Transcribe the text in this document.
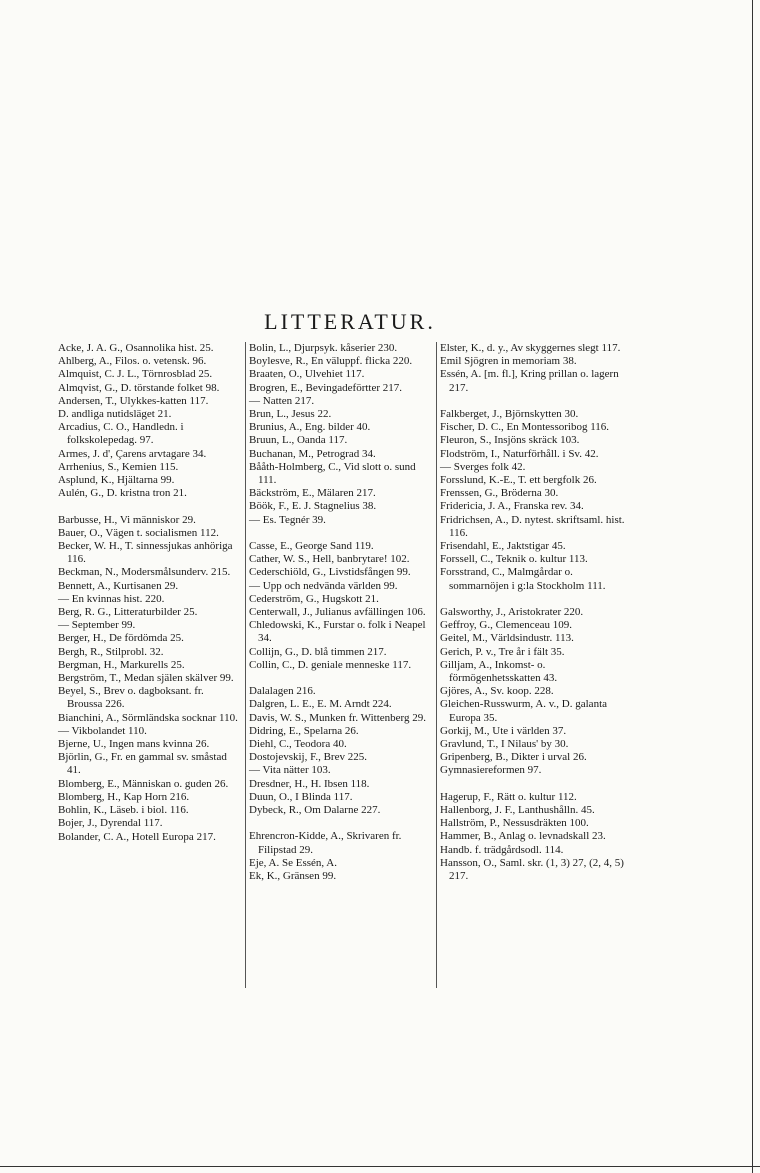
LITTERATUR.

Acke, J. A. G., Osannolika hist. 25.

Ahlberg, A., Filos. o. vetensk. 96.

Almquist, C. J. L., Törnrosblad 25.

Almqvist, G., D. törstande folket 98.

Andersen, T., Ulykkes-katten 117.

D. andliga nutidsläget 21.

Arcadius, C. O., Handledn. i folkskolepedag. 97.

Armes, J. d', Çarens arvtagare 34.

Arrhenius, S., Kemien 115.

Asplund, K., Hjältarna 99.

Aulén, G., D. kristna tron 21.

Barbusse, H., Vi människor 29.

Bauer, O., Vägen t. socialismen 112.

Becker, W. H., T. sinnessjukas anhöriga 116.

Beckman, N., Modersmålsunderv. 215.

Bennett, A., Kurtisanen 29.

— En kvinnas hist. 220.

Berg, R. G., Litteraturbilder 25.

— September 99.

Berger, H., De fördömda 25.

Bergh, R., Stilprobl. 32.

Bergman, H., Markurells 25.

Bergström, T., Medan själen skälver 99.

Beyel, S., Brev o. dagboksant. fr. Broussa 226.

Bianchini, A., Sörmländska socknar 110.

— Vikbolandet 110.

Bjerne, U., Ingen mans kvinna 26.

Björlin, G., Fr. en gammal sv. småstad 41.

Blomberg, E., Människan o. guden 26.

Blomberg, H., Kap Horn 216.

Bohlin, K., Läseb. i biol. 116.

Bojer, J., Dyrendal 117.

Bolander, C. A., Hotell Europa 217.

Bolin, L., Djurpsyk. kåserier 230.

Boylesve, R., En väluppf. flicka 220.

Braaten, O., Ulvehiet 117.

Brogren, E., Bevingadeförtter 217.

— Natten 217.

Brun, L., Jesus 22.

Brunius, A., Eng. bilder 40.

Bruun, L., Oanda 117.

Buchanan, M., Petrograd 34.

Bååth-Holmberg, C., Vid slott o. sund 111.

Bäckström, E., Mälaren 217.

Böök, F., E. J. Stagnelius 38.

— Es. Tegnér 39.

Casse, E., George Sand 119.

Cather, W. S., Hell, banbrytare! 102.

Cederschiöld, G., Livstidsfången 99.

— Upp och nedvända världen 99.

Cederström, G., Hugskott 21.

Centerwall, J., Julianus avfällingen 106.

Chledowski, K., Furstar o. folk i Neapel 34.

Collijn, G., D. blå timmen 217.

Collin, C., D. geniale menneske 117.

Dalalagen 216.

Dalgren, L. E., E. M. Arndt 224.

Davis, W. S., Munken fr. Wittenberg 29.

Didring, E., Spelarna 26.

Diehl, C., Teodora 40.

Dostojevskij, F., Brev 225.

— Vita nätter 103.

Dresdner, H., H. Ibsen 118.

Duun, O., I Blinda 117.

Dybeck, R., Om Dalarne 227.

Ehrencron-Kidde, A., Skrivaren fr. Filipstad 29.

Eje, A. Se Essén, A.

Ek, K., Gränsen 99.

Elster, K., d. y., Av skyggernes slegt 117.

Emil Sjögren in memoriam 38.

Essén, A. [m. fl.], Kring prillan o. lagern 217.

Falkberget, J., Björnskytten 30.

Fischer, D. C., En Montessoribog 116.

Fleuron, S., Insjöns skräck 103.

Flodström, I., Naturförhåll. i Sv. 42.

— Sverges folk 42.

Forsslund, K.-E., T. ett bergfolk 26.

Frenssen, G., Bröderna 30.

Fridericia, J. A., Franska rev. 34.

Fridrichsen, A., D. nytest. skriftsaml. hist. 116.

Frisendahl, E., Jaktstigar 45.

Forssell, C., Teknik o. kultur 113.

Forsstrand, C., Malmgårdar o. sommarnöjen i g:la Stockholm 111.

Galsworthy, J., Aristokrater 220.

Geffroy, G., Clemenceau 109.

Geitel, M., Världsindustr. 113.

Gerich, P. v., Tre år i fält 35.

Gilljam, A., Inkomst- o. förmögenhetsskatten 43.

Gjöres, A., Sv. koop. 228.

Gleichen-Russwurm, A. v., D. galanta Europa 35.

Gorkij, M., Ute i världen 37.

Gravlund, T., I Nilaus' by 30.

Gripenberg, B., Dikter i urval 26.

Gymnasiereformen 97.

Hagerup, F., Rätt o. kultur 112.

Hallenborg, J. F., Lanthushålln. 45.

Hallström, P., Nessusdräkten 100.

Hammer, B., Anlag o. levnadskall 23.

Handb. f. trädgårdsodl. 114.

Hansson, O., Saml. skr. (1, 3) 27, (2, 4, 5) 217.
